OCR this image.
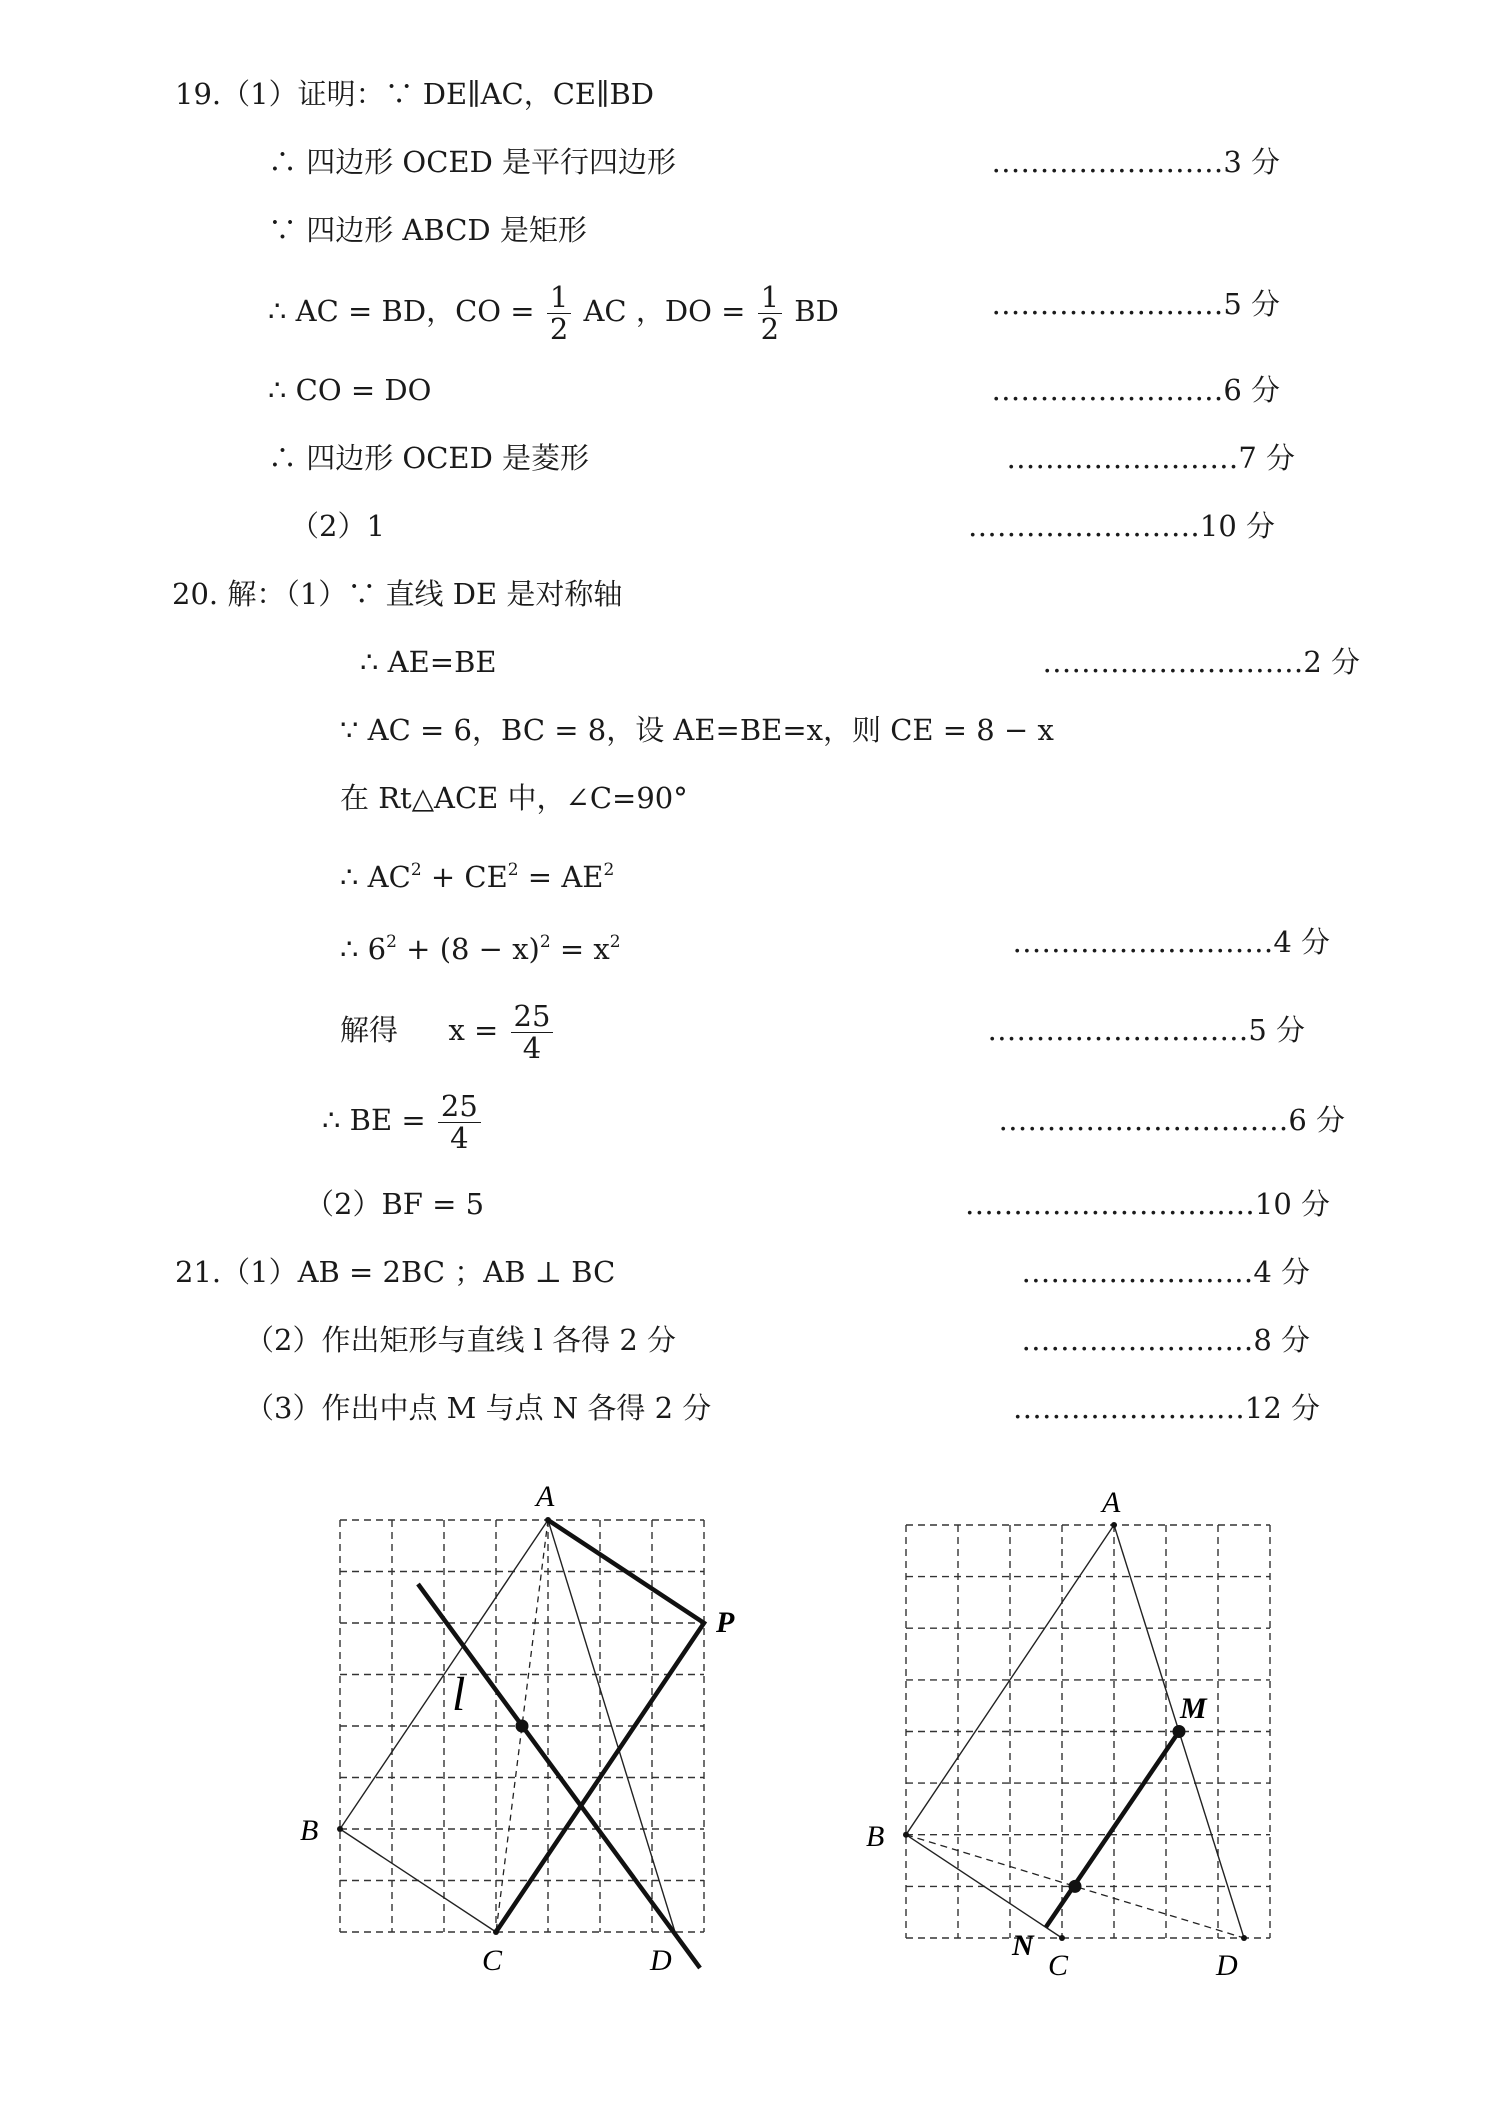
19.（1）证明：∵ DE∥AC，CE∥BD
∴ 四边形 OCED 是平行四边形	……………………3 分
∵ 四边形 ABCD 是矩形
∴ AC = BD，CO = $\frac{1}{2}$ AC ，DO = $\frac{1}{2}$ BD	……………………5 分
∴ CO = DO	……………………6 分
∴ 四边形 OCED 是菱形	……………………7 分
（2）1	……………………10 分
20. 解：（1）∵ 直线 DE 是对称轴
∴ AE=BE	………………………2 分
∵ AC = 6，BC = 8，设 AE=BE=x，则 CE = 8 − x
在 Rt△ACE 中，∠C=90°
∴ $AC^2 + CE^2 = AE^2$
∴ $6^2 + (8 - x)^2 = x^2$	………………………4 分
解得 $x = \frac{25}{4}$	………………………5 分
∴ BE = $\frac{25}{4}$	…………………………6 分
（2）BF = 5	…………………………10 分
21.（1）AB = 2BC ；AB ⊥ BC	……………………4 分
（2）作出矩形与直线 l 各得 2 分	……………………8 分
（3）作出中点 M 与点 N 各得 2 分	……………………12 分
A
B
C	D
P
l
A
B
C	D
M
N
